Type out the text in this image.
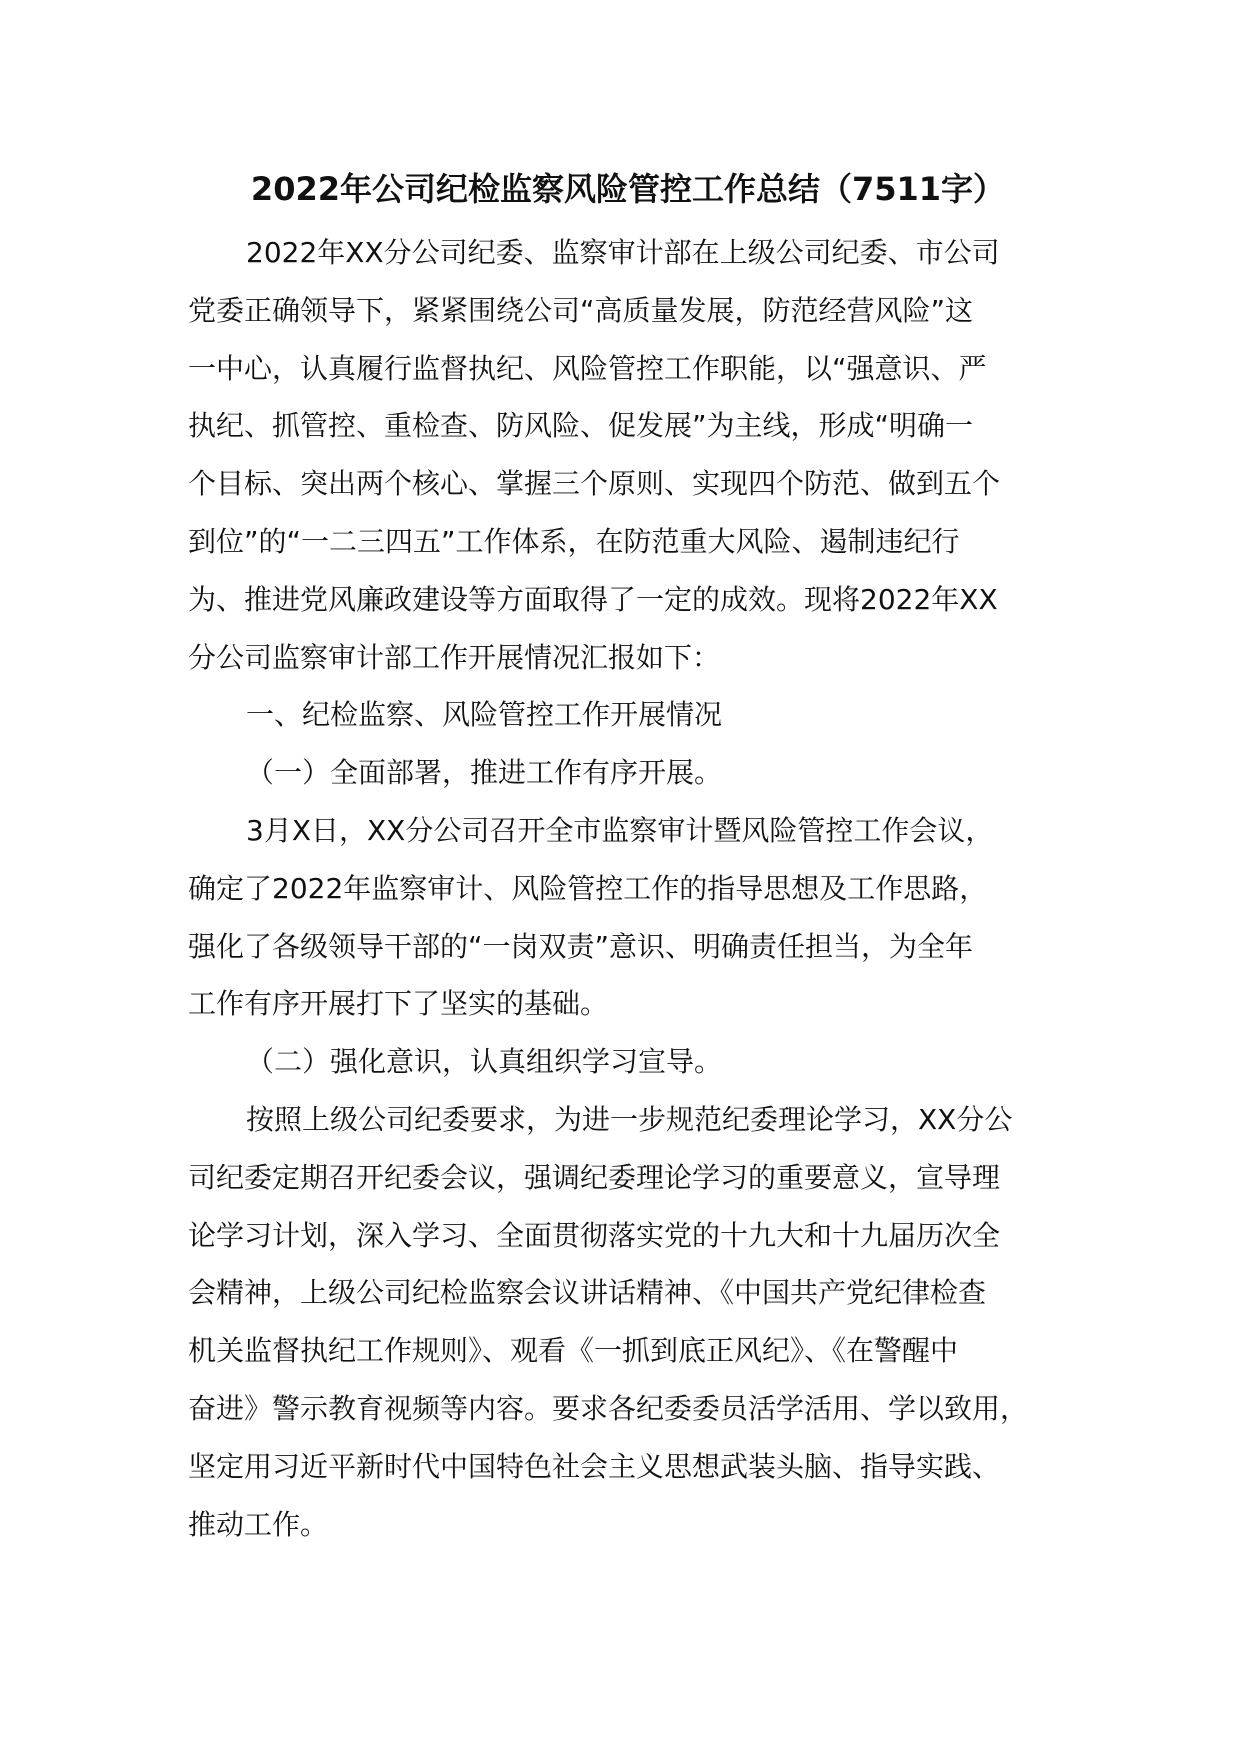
2022年公司纪检监察风险管控工作总结（7511字）

2022年XX分公司纪委、监察审计部在上级公司纪委、市公司
党委正确领导下，紧紧围绕公司“高质量发展，防范经营风险”这
一中心，认真履行监督执纪、风险管控工作职能，以“强意识、严
执纪、抓管控、重检查、防风险、促发展”为主线，形成“明确一
个目标、突出两个核心、掌握三个原则、实现四个防范、做到五个
到位”的“一二三四五”工作体系，在防范重大风险、遏制违纪行
为、推进党风廉政建设等方面取得了一定的成效。现将2022年XX
分公司监察审计部工作开展情况汇报如下：

一、纪检监察、风险管控工作开展情况

（一）全面部署，推进工作有序开展。

3月X日，XX分公司召开全市监察审计暨风险管控工作会议，
确定了2022年监察审计、风险管控工作的指导思想及工作思路，
强化了各级领导干部的“一岗双责”意识、明确责任担当，为全年
工作有序开展打下了坚实的基础。

（二）强化意识，认真组织学习宣导。

按照上级公司纪委要求，为进一步规范纪委理论学习，XX分公
司纪委定期召开纪委会议，强调纪委理论学习的重要意义，宣导理
论学习计划，深入学习、全面贯彻落实党的十九大和十九届历次全
会精神，上级公司纪检监察会议讲话精神、《中国共产党纪律检查
机关监督执纪工作规则》、观看《一抓到底正风纪》、《在警醒中
奋进》警示教育视频等内容。要求各纪委委员活学活用、学以致用，
坚定用习近平新时代中国特色社会主义思想武装头脑、指导实践、
推动工作。
